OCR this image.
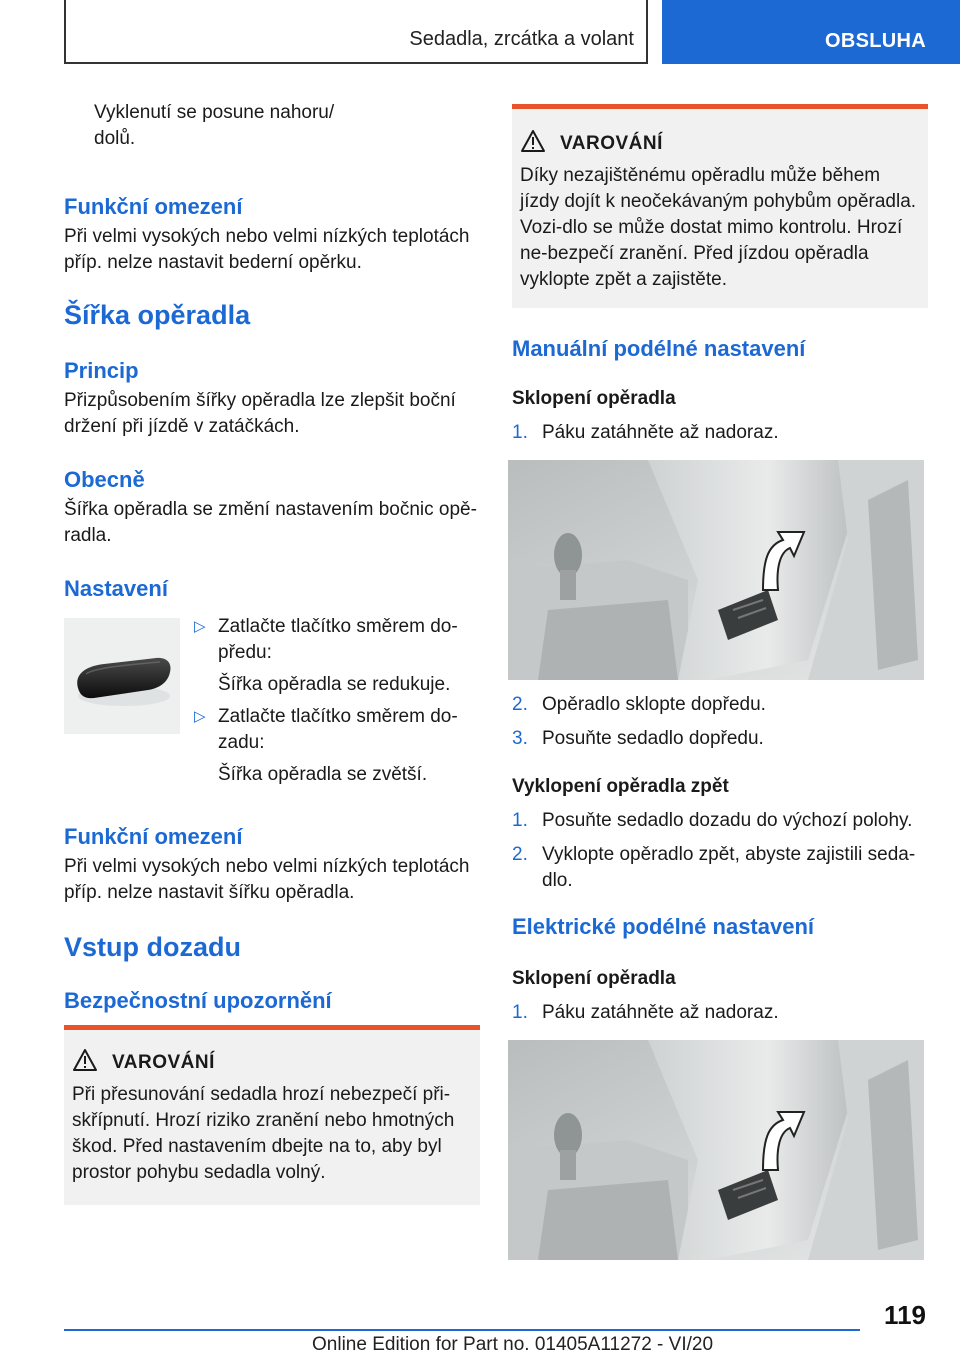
Sedadla, zrcátka a volant	OBSLUHA
Vyklenutí se posune nahoru/
dolů.
Funkční omezení

Při velmi vysokých nebo velmi nízkých teplotách příp. nelze nastavit bederní opěrku.

Šířka opěradla
Princip

Přizpůsobením šířky opěradla lze zlepšit boční držení při jízdě v zatáčkách.

Obecně

Šířka opěradla se změní nastavením bočnic opě-radla.

Nastavení
▷ Zatlačte tlačítko směrem do-předu:
Šířka opěradla se redukuje.
▷ Zatlačte tlačítko směrem do-zadu:
Šířka opěradla se zvětší.
Funkční omezení

Při velmi vysokých nebo velmi nízkých teplotách příp. nelze nastavit šířku opěradla.

Vstup dozadu
Bezpečnostní upozornění
VAROVÁNÍ

Při přesunování sedadla hrozí nebezpečí při-skřípnutí. Hrozí riziko zranění nebo hmotných škod. Před nastavením dbejte na to, aby byl prostor pohybu sedadla volný.

VAROVÁNÍ

Díky nezajištěnému opěradlu může během jízdy dojít k neočekávaným pohybům opěradla. Vozi-dlo se může dostat mimo kontrolu. Hrozí ne-bezpečí zranění. Před jízdou opěradla vyklopte zpět a zajistěte.

Manuální podélné nastavení
Sklopení opěradla
1. Páku zatáhněte až nadoraz.
2. Opěradlo sklopte dopředu.
3. Posuňte sedadlo dopředu.
Vyklopení opěradla zpět
1. Posuňte sedadlo dozadu do výchozí polohy.
2. Vyklopte opěradlo zpět, abyste zajistili seda-dlo.
Elektrické podélné nastavení
Sklopení opěradla
1. Páku zatáhněte až nadoraz.
119
Online Edition for Part no. 01405A11272 - VI/20
